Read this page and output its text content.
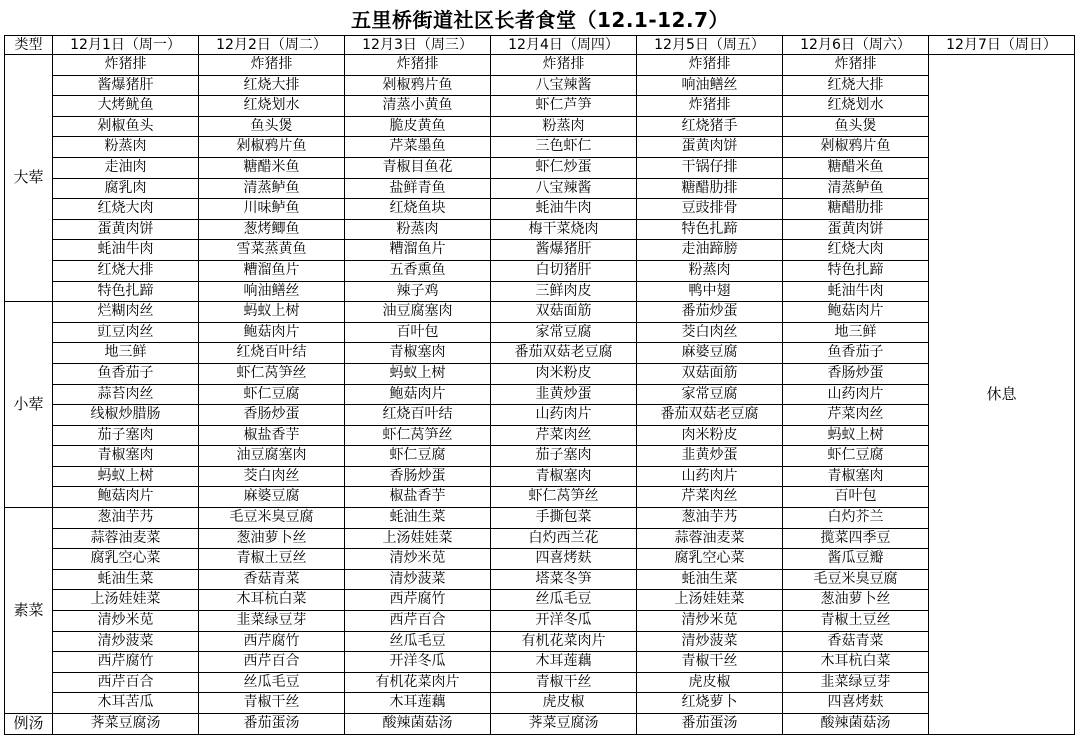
五里桥街道社区长者食堂（12.1-12.7）
类型	12月1日（周一）	12月2日（周二）	12月3日（周三）	12月4日（周四）	12月5日（周五）	12月6日（周六）	12月7日（周日）
大荤	炸猪排	炸猪排	炸猪排	炸猪排	炸猪排	炸猪排	休息
	酱爆猪肝	红烧大排	剁椒鸦片鱼	八宝辣酱	响油鳝丝	红烧大排	
	大烤鱿鱼	红烧划水	清蒸小黄鱼	虾仁芦笋	炸猪排	红烧划水	
	剁椒鱼头	鱼头煲	脆皮黄鱼	粉蒸肉	红烧猪手	鱼头煲	
	粉蒸肉	剁椒鸦片鱼	芹菜墨鱼	三色虾仁	蛋黄肉饼	剁椒鸦片鱼	
	走油肉	糖醋米鱼	青椒目鱼花	虾仁炒蛋	干锅仔排	糖醋米鱼	
	腐乳肉	清蒸鲈鱼	盐鲜青鱼	八宝辣酱	糖醋肋排	清蒸鲈鱼	
	红烧大肉	川味鲈鱼	红烧鱼块	蚝油牛肉	豆豉排骨	糖醋肋排	
	蛋黄肉饼	葱烤鲫鱼	粉蒸肉	梅干菜烧肉	特色扎蹄	蛋黄肉饼	
	蚝油牛肉	雪菜蒸黄鱼	糟溜鱼片	酱爆猪肝	走油蹄膀	红烧大肉	
	红烧大排	糟溜鱼片	五香熏鱼	白切猪肝	粉蒸肉	特色扎蹄	
	特色扎蹄	响油鳝丝	辣子鸡	三鲜肉皮	鸭中翅	蚝油牛肉	
小荤	烂糊肉丝	蚂蚁上树	油豆腐塞肉	双菇面筋	番茄炒蛋	鲍菇肉片	
	豇豆肉丝	鲍菇肉片	百叶包	家常豆腐	茭白肉丝	地三鲜	
	地三鲜	红烧百叶结	青椒塞肉	番茄双菇老豆腐	麻婆豆腐	鱼香茄子	
	鱼香茄子	虾仁莴笋丝	蚂蚁上树	肉米粉皮	双菇面筋	香肠炒蛋	
	蒜苔肉丝	虾仁豆腐	鲍菇肉片	韭黄炒蛋	家常豆腐	山药肉片	
	线椒炒腊肠	香肠炒蛋	红烧百叶结	山药肉片	番茄双菇老豆腐	芹菜肉丝	
	茄子塞肉	椒盐香芋	虾仁莴笋丝	芹菜肉丝	肉米粉皮	蚂蚁上树	
	青椒塞肉	油豆腐塞肉	虾仁豆腐	茄子塞肉	韭黄炒蛋	虾仁豆腐	
	蚂蚁上树	茭白肉丝	香肠炒蛋	青椒塞肉	山药肉片	青椒塞肉	
	鲍菇肉片	麻婆豆腐	椒盐香芋	虾仁莴笋丝	芹菜肉丝	百叶包	
素菜	葱油芋艿	毛豆米臭豆腐	蚝油生菜	手撕包菜	葱油芋艿	白灼芥兰	
	蒜蓉油麦菜	葱油萝卜丝	上汤娃娃菜	白灼西兰花	蒜蓉油麦菜	揽菜四季豆	
	腐乳空心菜	青椒土豆丝	清炒米苋	四喜烤麸	腐乳空心菜	酱瓜豆瓣	
	蚝油生菜	香菇青菜	清炒菠菜	塔菜冬笋	蚝油生菜	毛豆米臭豆腐	
	上汤娃娃菜	木耳杭白菜	西芹腐竹	丝瓜毛豆	上汤娃娃菜	葱油萝卜丝	
	清炒米苋	韭菜绿豆芽	西芹百合	开洋冬瓜	清炒米苋	青椒土豆丝	
	清炒菠菜	西芹腐竹	丝瓜毛豆	有机花菜肉片	清炒菠菜	香菇青菜	
	西芹腐竹	西芹百合	开洋冬瓜	木耳莲藕	青椒干丝	木耳杭白菜	
	西芹百合	丝瓜毛豆	有机花菜肉片	青椒干丝	虎皮椒	韭菜绿豆芽	
	木耳苦瓜	青椒干丝	木耳莲藕	虎皮椒	红烧萝卜	四喜烤麸	
例汤	荠菜豆腐汤	番茄蛋汤	酸辣菌菇汤	荠菜豆腐汤	番茄蛋汤	酸辣菌菇汤	
